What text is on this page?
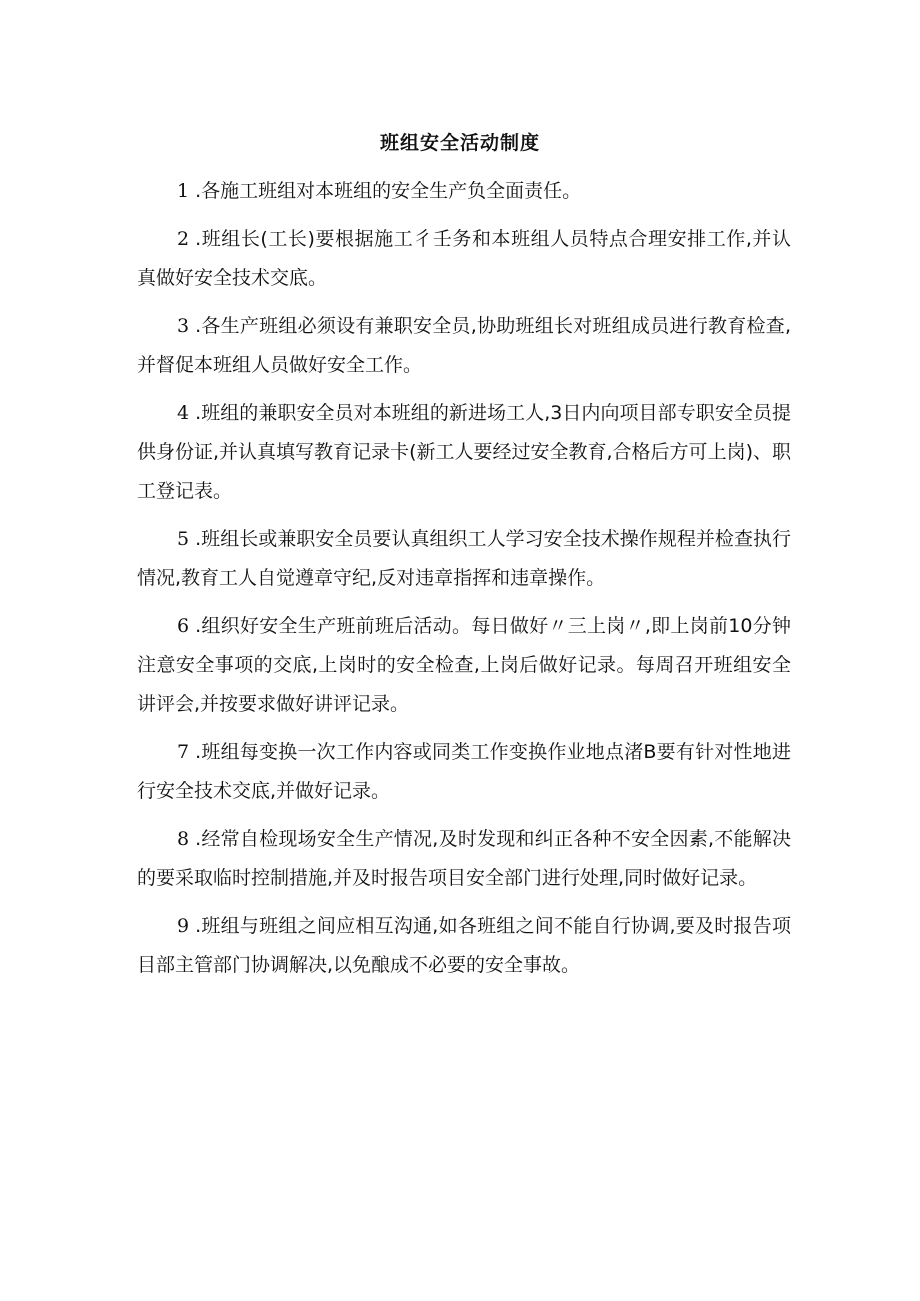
班组安全活动制度

1 .各施工班组对本班组的安全生产负全面责任。

2 .班组长(工长)要根据施工彳壬务和本班组人员特点合理安排工作,并认真做好安全技术交底。

3 .各生产班组必须设有兼职安全员,协助班组长对班组成员进行教育检查,并督促本班组人员做好安全工作。

4 .班组的兼职安全员对本班组的新进场工人,3日内向项目部专职安全员提供身份证,并认真填写教育记录卡(新工人要经过安全教育,合格后方可上岗)、职工登记表。

5 .班组长或兼职安全员要认真组织工人学习安全技术操作规程并检查执行情况,教育工人自觉遵章守纪,反对违章指挥和违章操作。

6 .组织好安全生产班前班后活动。每日做好〃三上岗〃,即上岗前10分钟注意安全事项的交底,上岗时的安全检查,上岗后做好记录。每周召开班组安全讲评会,并按要求做好讲评记录。

7 .班组每变换一次工作内容或同类工作变换作业地点渚B要有针对性地进行安全技术交底,并做好记录。

8 .经常自检现场安全生产情况,及时发现和纠正各种不安全因素,不能解决的要采取临时控制措施,并及时报告项目安全部门进行处理,同时做好记录。

9 .班组与班组之间应相互沟通,如各班组之间不能自行协调,要及时报告项目部主管部门协调解决,以免酿成不必要的安全事故。
